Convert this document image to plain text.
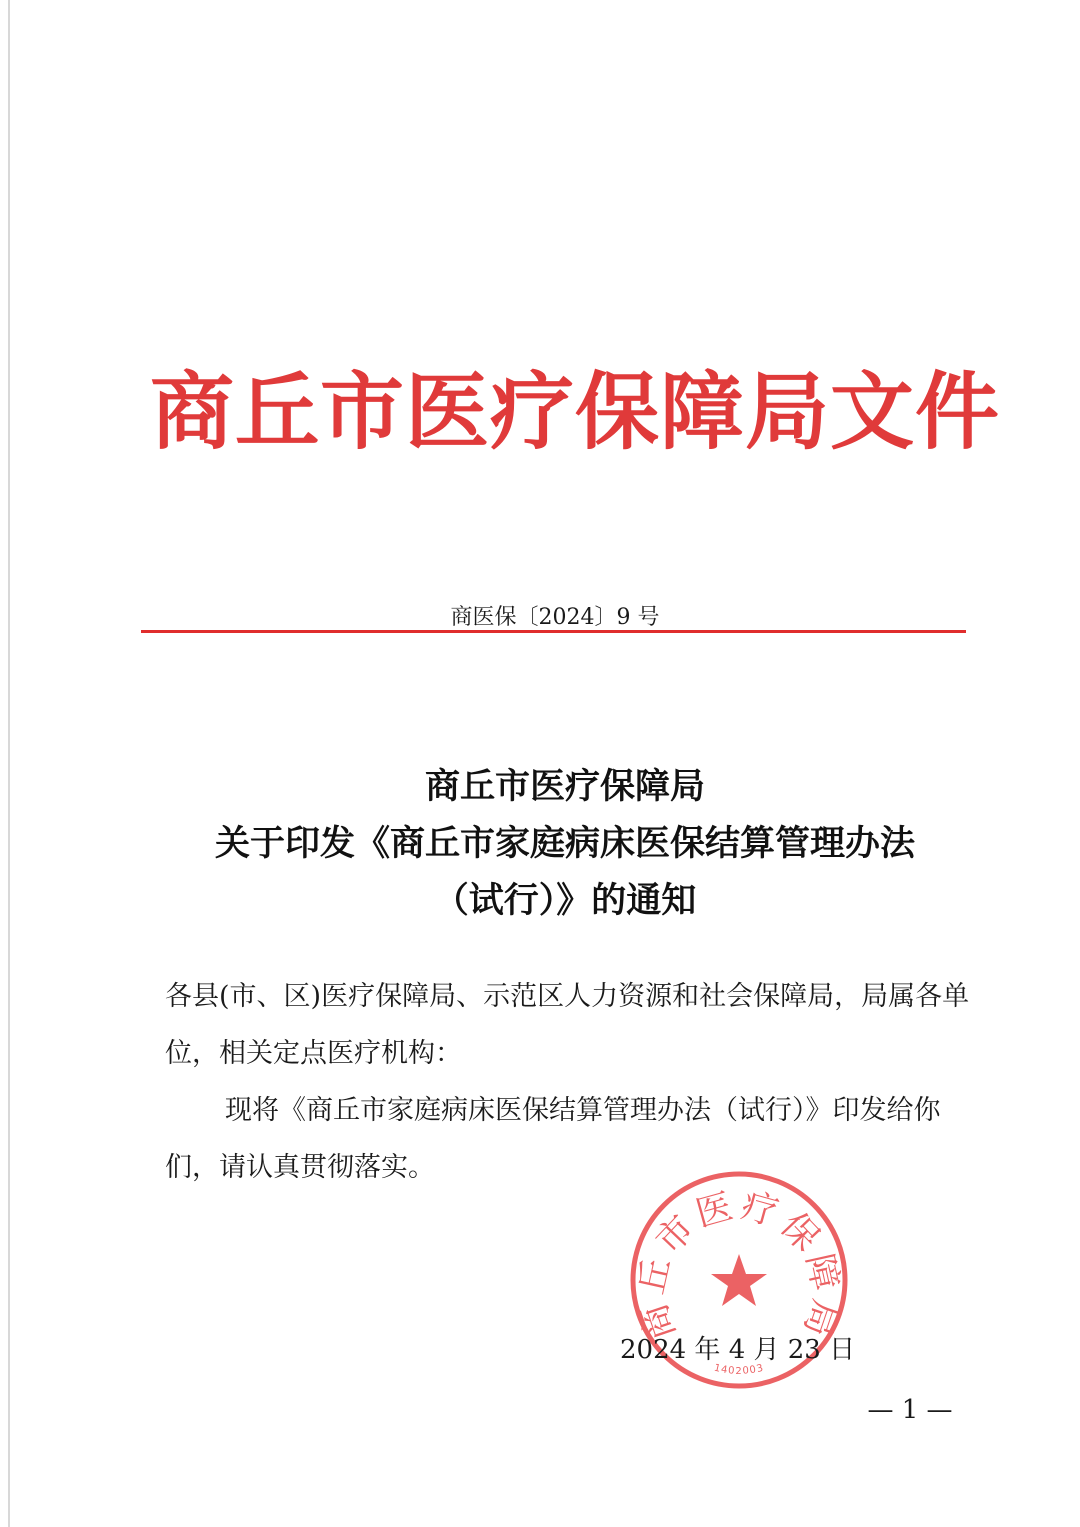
商丘市医疗保障局文件
商医保〔2024〕9 号
商丘市医疗保障局
关于印发《商丘市家庭病床医保结算管理办法
（试行）》的通知

各县(市、区)医疗保障局、示范区人力资源和社会保障局，局属各单位，相关定点医疗机构：

现将《商丘市家庭病床医保结算管理办法（试行）》印发给你们，请认真贯彻落实。

商丘市医疗保障局
1402003
2024 年 4 月 23 日
— 1 —
